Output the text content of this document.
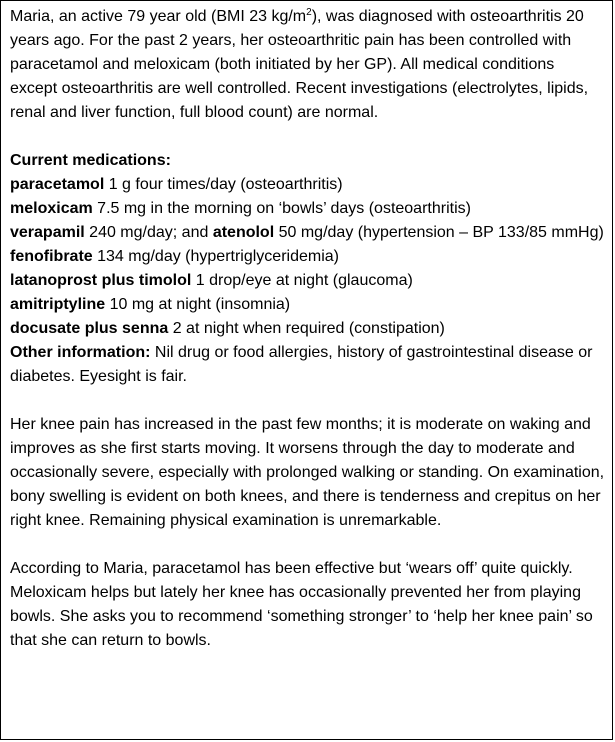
Maria, an active 79 year old (BMI 23 $kg/m^2$), was diagnosed with osteoarthritis 20 years ago. For the past 2 years, her osteoarthritic pain has been controlled with paracetamol and meloxicam (both initiated by her GP). All medical conditions except osteoarthritis are well controlled. Recent investigations (electrolytes, lipids, renal and liver function, full blood count) are normal.

Current medications:

paracetamol 1 g four times/day (osteoarthritis)

meloxicam 7.5 mg in the morning on ‘bowls’ days (osteoarthritis)

verapamil 240 mg/day; and atenolol 50 mg/day (hypertension – BP 133/85 mmHg)

fenofibrate 134 mg/day (hypertriglyceridemia)

latanoprost plus timolol 1 drop/eye at night (glaucoma)

amitriptyline 10 mg at night (insomnia)

docusate plus senna 2 at night when required (constipation)

Other information: Nil drug or food allergies, history of gastrointestinal disease or diabetes. Eyesight is fair.

Her knee pain has increased in the past few months; it is moderate on waking and improves as she first starts moving. It worsens through the day to moderate and occasionally severe, especially with prolonged walking or standing. On examination, bony swelling is evident on both knees, and there is tenderness and crepitus on her right knee. Remaining physical examination is unremarkable.

According to Maria, paracetamol has been effective but ‘wears off’ quite quickly. Meloxicam helps but lately her knee has occasionally prevented her from playing bowls. She asks you to recommend ‘something stronger’ to ‘help her knee pain’ so that she can return to bowls.
